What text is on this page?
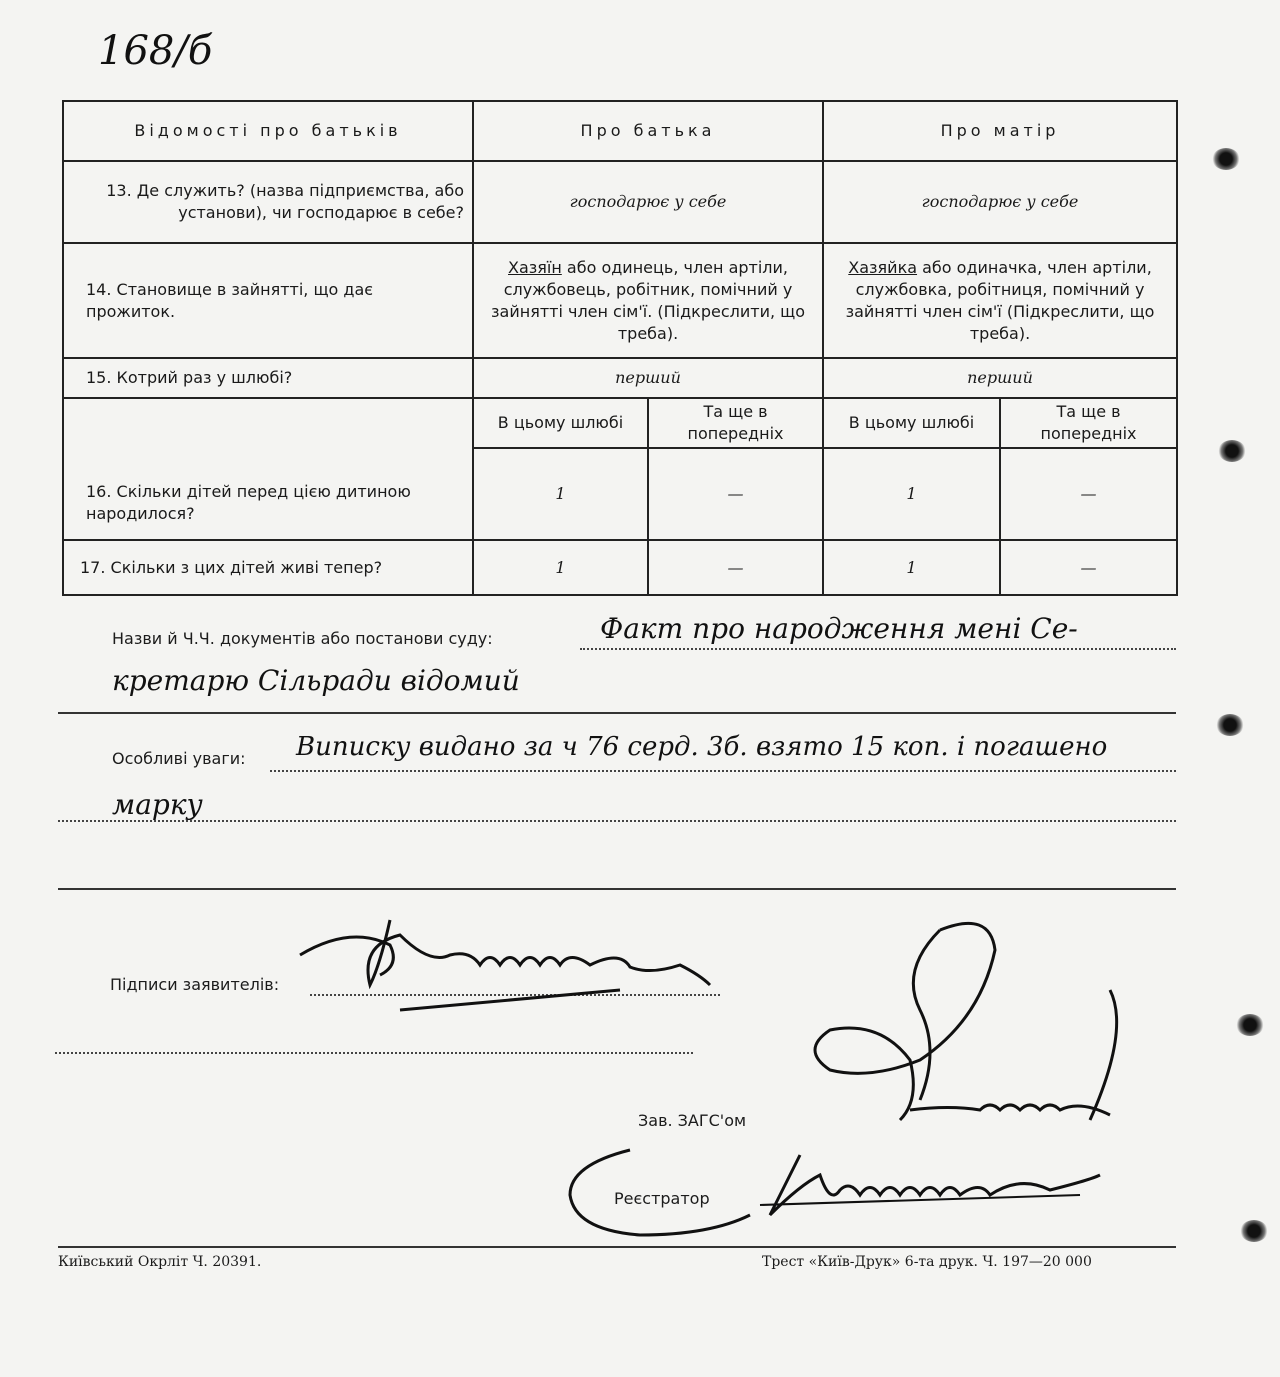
168/б
Відомості про батьків	Про батька		Про матір	
13. Де служить? (назва підприємства, або установи), чи господарює в себе?	господарює у себе		господарює у себе	
14. Становище в зайнятті, що дає прожиток.	Хазяїн або одинець, член артіли, службовець, робітник, помічний у зайнятті член сім'ї. (Підкреслити, що треба).		Хазяйка або одиначка, член артіли, службовка, робітниця, помічний у зайнятті член сім'ї (Підкреслити, що треба).	
15. Котрий раз у шлюбі?	перший		перший	
16. Скільки дітей перед цією дитиною народилося?	В цьому шлюбі	Та ще в попередніх	В цьому шлюбі	Та ще в попередніх
	1	—	1	—
17. Скільки з цих дітей живі тепер?	1	—	1	—
Назви й Ч.Ч. документів або постанови суду:	Факт про народження мені Се-
кретарю Сільради відомий
Особливі уваги: Виписку видано за ч 76 серд. 3б. взято 15 коп. і погашено
марку
Підписи заявителів:
Зав. ЗАГС'ом
Реєстратор
Київський Окрліт Ч. 20391.	Трест «Київ-Друк» 6-та друк. Ч. 197—20 000
